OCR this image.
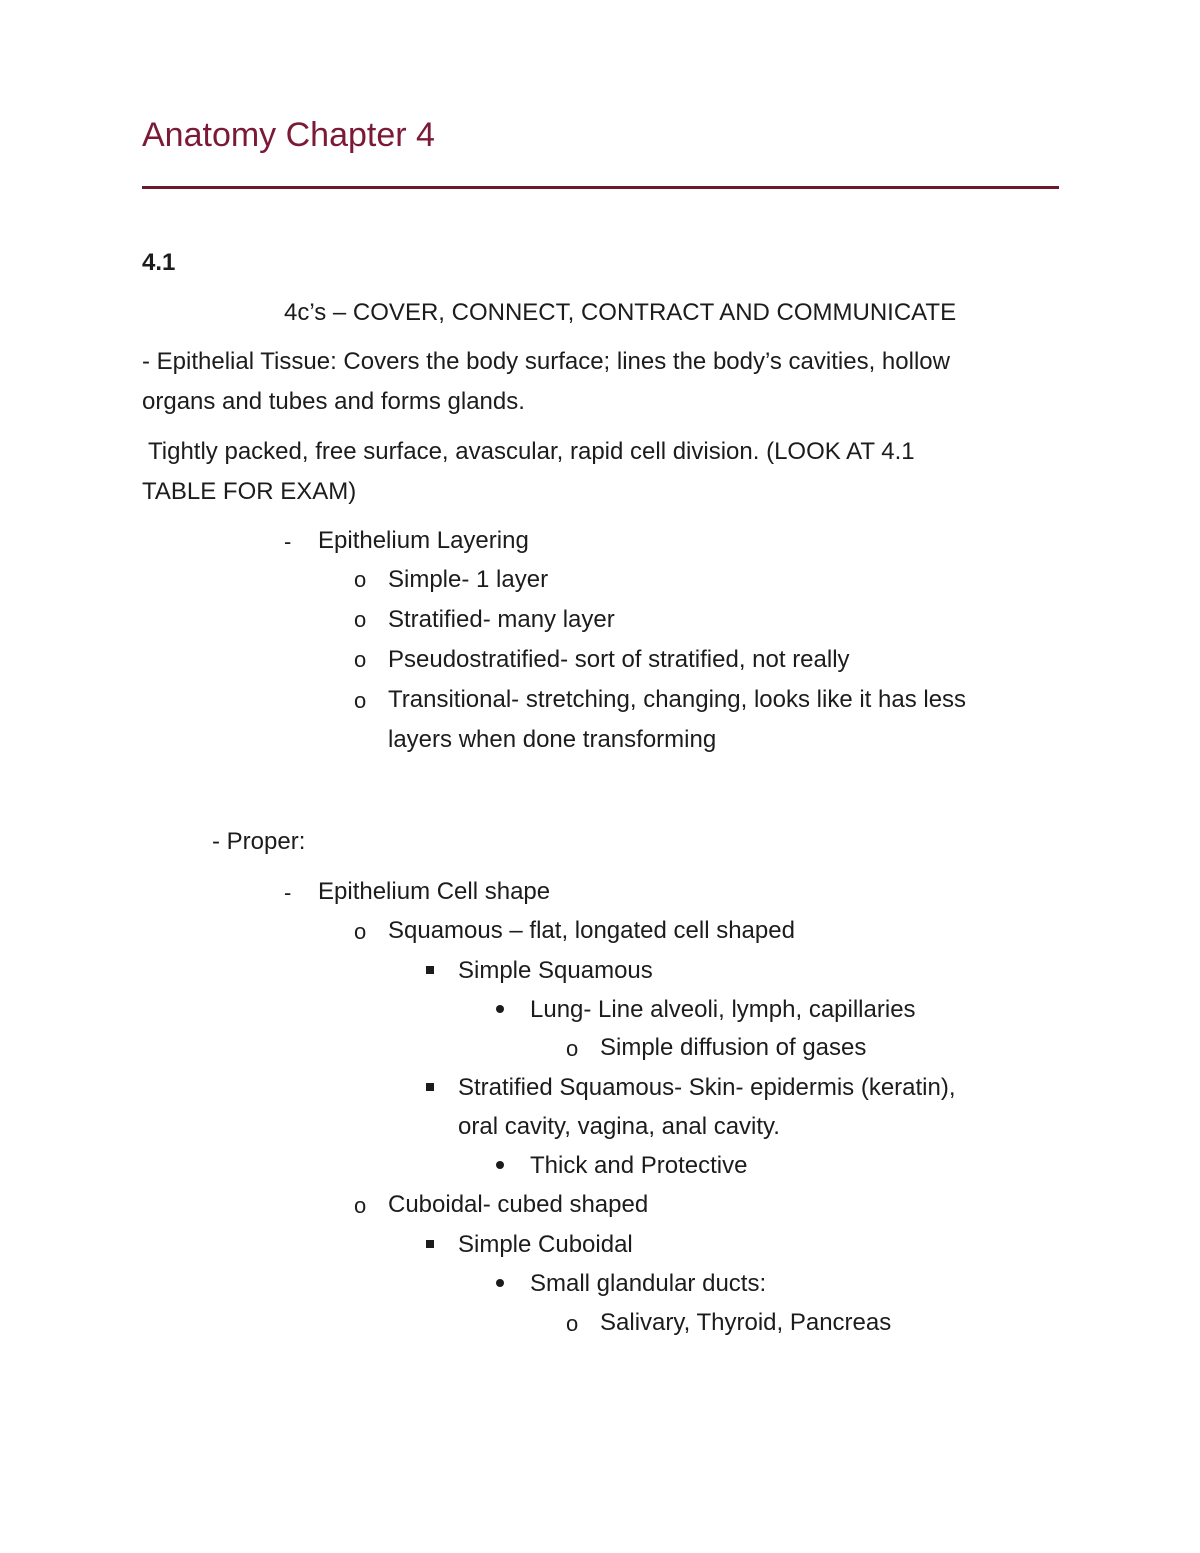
Anatomy Chapter 4
4.1
4c’s – COVER, CONNECT, CONTRACT AND COMMUNICATE
- Epithelial Tissue: Covers the body surface; lines the body’s cavities, hollow
organs and tubes and forms glands.
Tightly packed, free surface, avascular, rapid cell division. (LOOK AT 4.1
TABLE FOR EXAM)
- Epithelium Layering
o Simple- 1 layer
o Stratified- many layer
o Pseudostratified- sort of stratified, not really
o Transitional- stretching, changing, looks like it has less
layers when done transforming
- Proper:
- Epithelium Cell shape
o Squamous – flat, longated cell shaped
Simple Squamous
Lung- Line alveoli, lymph, capillaries
o Simple diffusion of gases
Stratified Squamous- Skin- epidermis (keratin),
oral cavity, vagina, anal cavity.
Thick and Protective
o Cuboidal- cubed shaped
Simple Cuboidal
Small glandular ducts:
o Salivary, Thyroid, Pancreas
